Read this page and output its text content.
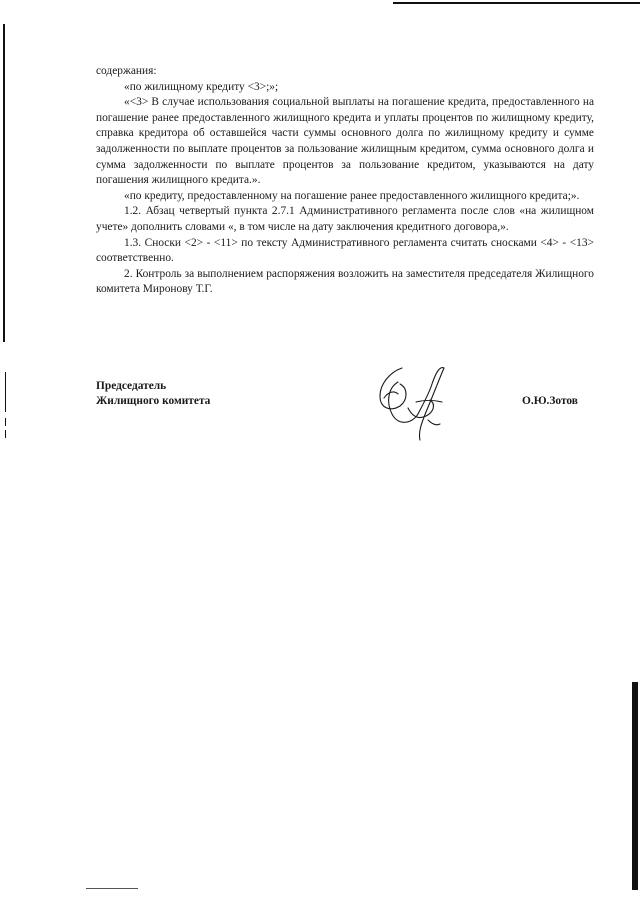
содержания:

«по жилищному кредиту <3>;»;

«<3> В случае использования социальной выплаты на погашение кредита, предоставленного на погашение ранее предоставленного жилищного кредита и уплаты процентов по жилищному кредиту, справка кредитора об оставшейся части суммы основного долга по жилищному кредиту и сумме задолженности по выплате процентов за пользование жилищным кредитом, сумма основного долга и сумма задолженности по выплате процентов за пользование кредитом, указываются на дату погашения жилищного кредита.».

«по кредиту, предоставленному на погашение ранее предоставленного жилищного кредита;».

1.2. Абзац четвертый пункта 2.7.1 Административного регламента после слов «на жилищном учете» дополнить словами «, в том числе на дату заключения кредитного договора,».

1.3. Сноски <2> - <11> по тексту Административного регламента считать сносками <4> - <13> соответственно.

2. Контроль за выполнением распоряжения возложить на заместителя председателя Жилищного комитета Миронову Т.Г.

Председатель
Жилищного комитета	О.Ю.Зотов
